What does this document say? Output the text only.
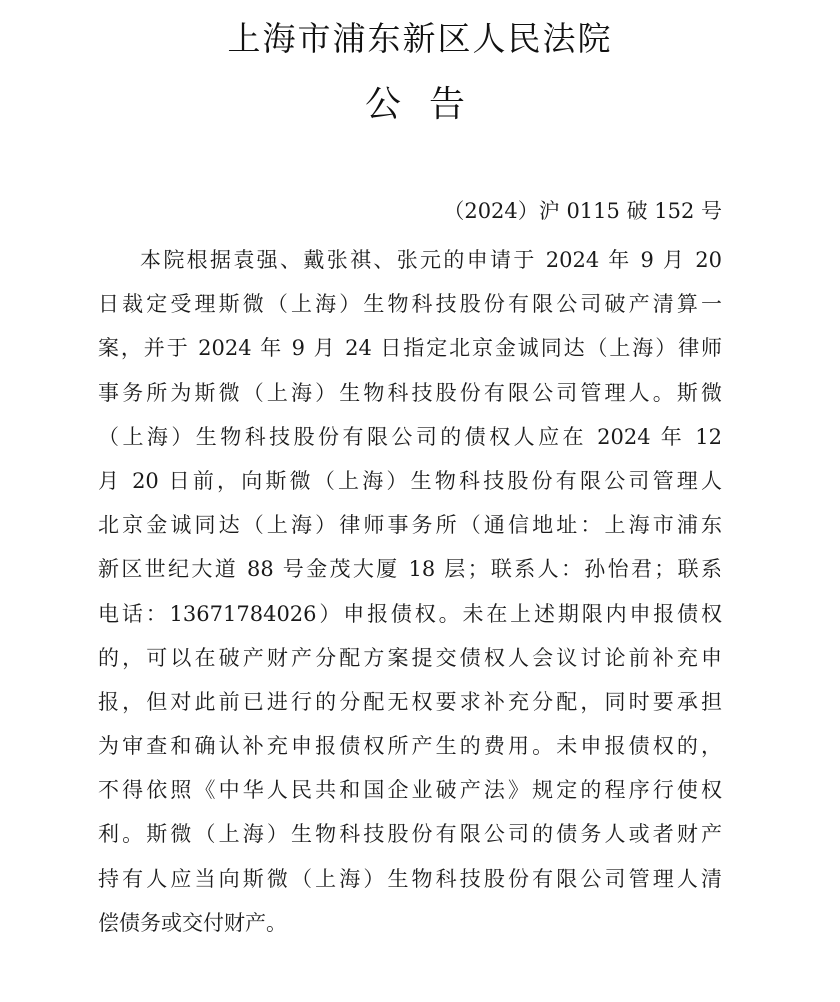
上海市浦东新区人民法院
公告
（2024）沪 0115 破 152 号
本院根据袁强、戴张祺、张元的申请于 2024 年 9 月 20
日裁定受理斯微（上海）生物科技股份有限公司破产清算一
案，并于 2024 年 9 月 24 日指定北京金诚同达（上海）律师
事务所为斯微（上海）生物科技股份有限公司管理人。斯微
（上海）生物科技股份有限公司的债权人应在 2024 年 12
月 20 日前，向斯微（上海）生物科技股份有限公司管理人
北京金诚同达（上海）律师事务所（通信地址：上海市浦东
新区世纪大道 88 号金茂大厦 18 层；联系人：孙怡君；联系
电话：13671784026）申报债权。未在上述期限内申报债权
的，可以在破产财产分配方案提交债权人会议讨论前补充申
报，但对此前已进行的分配无权要求补充分配，同时要承担
为审查和确认补充申报债权所产生的费用。未申报债权的，
不得依照《中华人民共和国企业破产法》规定的程序行使权
利。斯微（上海）生物科技股份有限公司的债务人或者财产
持有人应当向斯微（上海）生物科技股份有限公司管理人清
偿债务或交付财产。
